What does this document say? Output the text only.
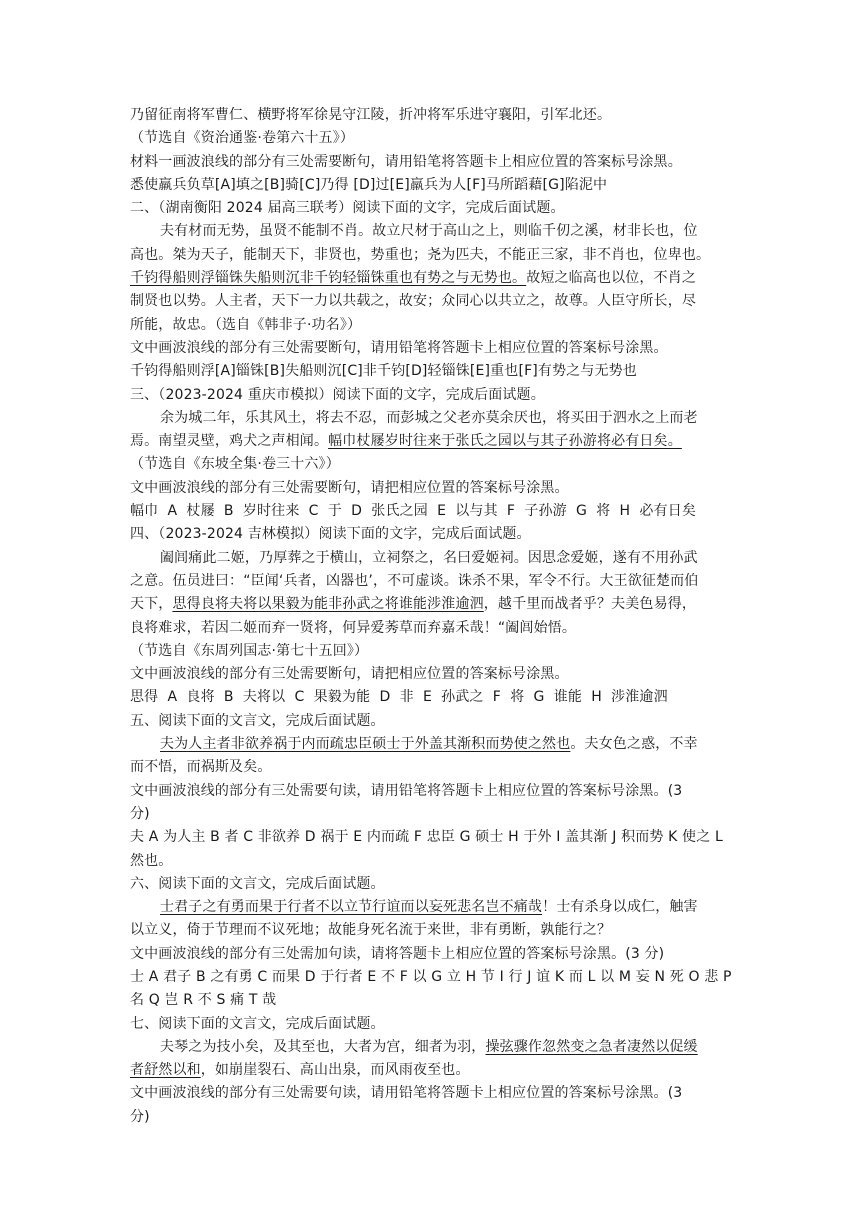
乃留征南将军曹仁、横野将军徐晃守江陵，折冲将军乐进守襄阳，引军北还。
（节选自《资治通鉴·卷第六十五》）
材料一画波浪线的部分有三处需要断句，请用铅笔将答题卡上相应位置的答案标号涂黑。
悉使羸兵负草[A]填之[B]骑[C]乃得 [D]过[E]羸兵为人[F]马所蹈藉[G]陷泥中
二、（湖南衡阳 2024 届高三联考）阅读下面的文字，完成后面试题。
夫有材而无势，虽贤不能制不肖。故立尺材于高山之上，则临千仞之溪，材非长也，位
高也。桀为天子，能制天下，非贤也，势重也；尧为匹夫，不能正三家，非不肖也，位卑也。
千钧得船则浮锱铢失船则沉非千钧轻锱铢重也有势之与无势也。故短之临高也以位，不肖之
制贤也以势。人主者，天下一力以共载之，故安；众同心以共立之，故尊。人臣守所长，尽
所能，故忠。（选自《韩非子·功名》）
文中画波浪线的部分有三处需要断句，请用铅笔将答题卡上相应位置的答案标号涂黑。
千钧得船则浮[A]锱铢[B]失船则沉[C]非千钧[D]轻锱铢[E]重也[F]有势之与无势也
三、（2023-2024 重庆市模拟）阅读下面的文字，完成后面试题。
余为城二年，乐其风土，将去不忍，而彭城之父老亦莫余厌也，将买田于泗水之上而老
焉。南望灵壁，鸡犬之声相闻。幅巾杖屦岁时往来于张氏之园以与其子孙游将必有日矣。
（节选自《东坡全集·卷三十六》）
文中画波浪线的部分有三处需要断句，请把相应位置的答案标号涂黑。
幅巾  A  杖屦  B  岁时往来  C  于  D  张氏之园  E  以与其  F  子孙游  G  将  H  必有日矣
四、（2023-2024 吉林模拟）阅读下面的文字，完成后面试题。
阖闾痛此二姬，乃厚葬之于横山，立祠祭之，名曰爱姬祠。因思念爱姬，遂有不用孙武
之意。伍员进曰：“臣闻‘兵者，凶器也’，不可虚谈。诛杀不果，军令不行。大王欲征楚而伯
天下，思得良将夫将以果毅为能非孙武之将谁能涉淮逾泗，越千里而战者乎？夫美色易得，
良将难求，若因二姬而弃一贤将，何异爱莠草而弃嘉禾哉！“阖闾始悟。
（节选自《东周列国志·第七十五回》）
文中画波浪线的部分有三处需要断句，请把相应位置的答案标号涂黑。
思得  A  良将  B  夫将以  C  果毅为能  D  非  E  孙武之  F  将  G  谁能  H  涉淮逾泗
五、阅读下面的文言文，完成后面试题。
夫为人主者非欲养祸于内而疏忠臣硕士于外盖其渐积而势使之然也。夫女色之惑，不幸
而不悟，而祸斯及矣。
文中画波浪线的部分有三处需要句读，请用铅笔将答题卡上相应位置的答案标号涂黑。(3
分)
夫 A 为人主 B 者 C 非欲养 D 祸于 E 内而疏 F 忠臣 G 硕士 H 于外 I 盖其渐 J 积而势 K 使之 L
然也。
六、阅读下面的文言文，完成后面试题。
士君子之有勇而果于行者不以立节行谊而以妄死悲名岂不痛哉！士有杀身以成仁，触害
以立义，倚于节理而不议死地；故能身死名流于来世，非有勇断，孰能行之？
文中画波浪线的部分有三处需加句读，请将答题卡上相应位置的答案标号涂黑。(3 分)
士 A 君子 B 之有勇 C 而果 D 于行者 E 不 F 以 G 立 H 节 I 行 J 谊 K 而 L 以 M 妄 N 死 O 悲 P
名 Q 岂 R 不 S 痛 T 哉
七、阅读下面的文言文，完成后面试题。
夫琴之为技小矣，及其至也，大者为宫，细者为羽，操弦骤作忽然变之急者凄然以促缓
者舒然以和，如崩崖裂石、高山出泉，而风雨夜至也。
文中画波浪线的部分有三处需要句读，请用铅笔将答题卡上相应位置的答案标号涂黑。(3
分)
